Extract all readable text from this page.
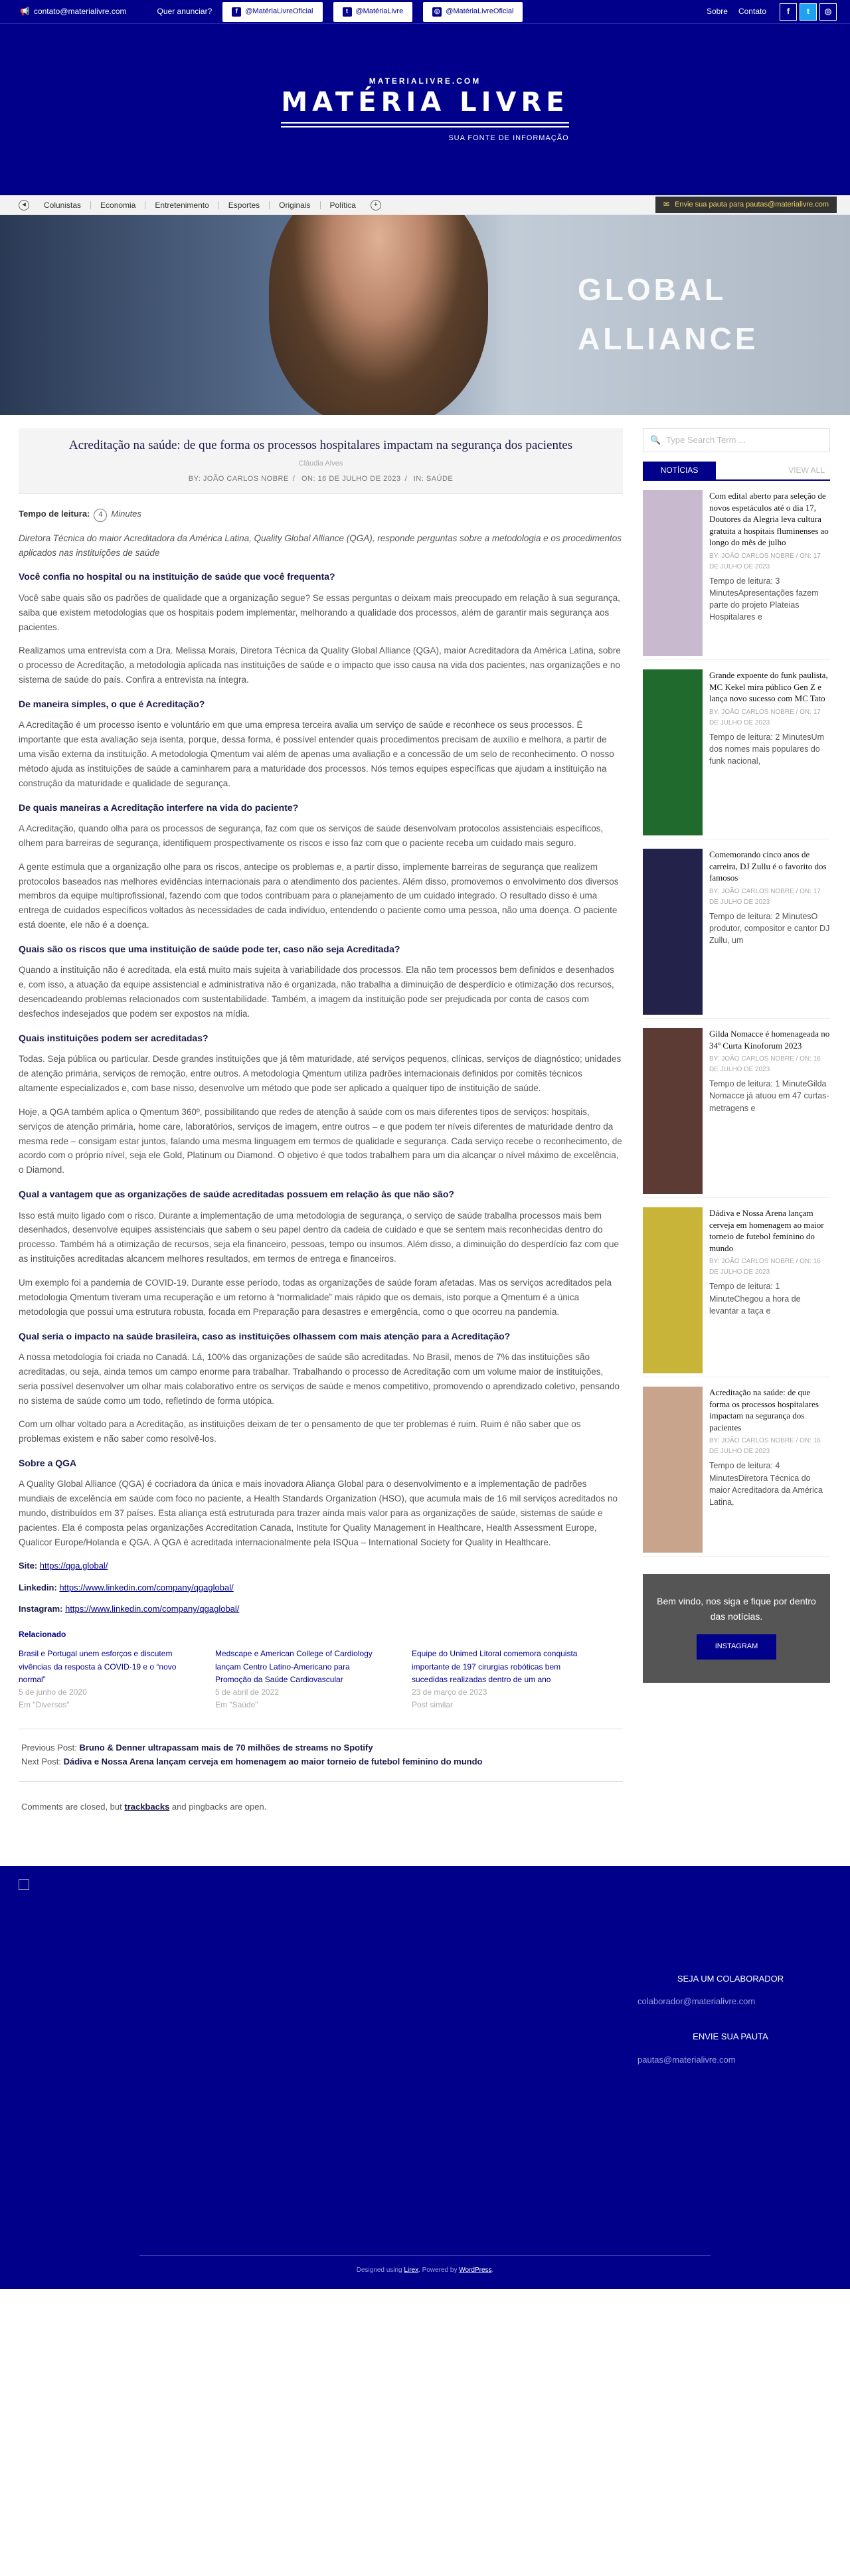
📢 contato@materialivre.com	Quer anunciar?	f	@MatériaLivreOficial	t	@MatériaLivre	◎ @MatériaLivreOficial	Sobre Contato	f t ◎
MATERIALIVRE.COM
MATÉRIA LIVRE
SUA FONTE DE INFORMAÇÃO
◂	Colunistas	Economia	Entretenimento	Esportes	Originais	Política	+	✉ Envie sua pauta para pautas@materialivre.com
GLOBAL ALLIANCE
Acreditação na saúde: de que forma os processos hospitalares impactam na segurança dos pacientes
Cláudia Alves
BY: JOÃO CARLOS NOBRE / ON: 16 DE JULHO DE 2023 / IN: SAÚDE
Tempo de leitura: 4 Minutes

Diretora Técnica do maior Acreditadora da América Latina, Quality Global Alliance (QGA), responde perguntas sobre a metodologia e os procedimentos aplicados nas instituições de saúde

Você confia no hospital ou na instituição de saúde que você frequenta?

Você sabe quais são os padrões de qualidade que a organização segue? Se essas perguntas o deixam mais preocupado em relação à sua segurança, saiba que existem metodologias que os hospitais podem implementar, melhorando a qualidade dos processos, além de garantir mais segurança aos pacientes.

Realizamos uma entrevista com a Dra. Melissa Morais, Diretora Técnica da Quality Global Alliance (QGA), maior Acreditadora da América Latina, sobre o processo de Acreditação, a metodologia aplicada nas instituições de saúde e o impacto que isso causa na vida dos pacientes, nas organizações e no sistema de saúde do país. Confira a entrevista na íntegra.

De maneira simples, o que é Acreditação?

A Acreditação é um processo isento e voluntário em que uma empresa terceira avalia um serviço de saúde e reconhece os seus processos. É importante que esta avaliação seja isenta, porque, dessa forma, é possível entender quais procedimentos precisam de auxílio e melhora, a partir de uma visão externa da instituição. A metodologia Qmentum vai além de apenas uma avaliação e a concessão de um selo de reconhecimento. O nosso método ajuda as instituições de saúde a caminharem para a maturidade dos processos. Nós temos equipes específicas que ajudam a instituição na construção da maturidade e qualidade de segurança.

De quais maneiras a Acreditação interfere na vida do paciente?

A Acreditação, quando olha para os processos de segurança, faz com que os serviços de saúde desenvolvam protocolos assistenciais específicos, olhem para barreiras de segurança, identifiquem prospectivamente os riscos e isso faz com que o paciente receba um cuidado mais seguro.

A gente estimula que a organização olhe para os riscos, antecipe os problemas e, a partir disso, implemente barreiras de segurança que realizem protocolos baseados nas melhores evidências internacionais para o atendimento dos pacientes. Além disso, promovemos o envolvimento dos diversos membros da equipe multiprofissional, fazendo com que todos contribuam para o planejamento de um cuidado integrado. O resultado disso é uma entrega de cuidados específicos voltados às necessidades de cada indivíduo, entendendo o paciente como uma pessoa, não uma doença. O paciente está doente, ele não é a doença.

Quais são os riscos que uma instituição de saúde pode ter, caso não seja Acreditada?

Quando a instituição não é acreditada, ela está muito mais sujeita à variabilidade dos processos. Ela não tem processos bem definidos e desenhados e, com isso, a atuação da equipe assistencial e administrativa não é organizada, não trabalha a diminuição de desperdício e otimização dos recursos, desencadeando problemas relacionados com sustentabilidade. Também, a imagem da instituição pode ser prejudicada por conta de casos com desfechos indesejados que podem ser expostos na mídia.

Quais instituições podem ser acreditadas?

Todas. Seja pública ou particular. Desde grandes instituições que já têm maturidade, até serviços pequenos, clínicas, serviços de diagnóstico; unidades de atenção primária, serviços de remoção, entre outros. A metodologia Qmentum utiliza padrões internacionais definidos por comitês técnicos altamente especializados e, com base nisso, desenvolve um método que pode ser aplicado a qualquer tipo de instituição de saúde.

Hoje, a QGA também aplica o Qmentum 360º, possibilitando que redes de atenção à saúde com os mais diferentes tipos de serviços: hospitais, serviços de atenção primária, home care, laboratórios, serviços de imagem, entre outros – e que podem ter níveis diferentes de maturidade dentro da mesma rede – consigam estar juntos, falando uma mesma linguagem em termos de qualidade e segurança. Cada serviço recebe o reconhecimento, de acordo com o próprio nível, seja ele Gold, Platinum ou Diamond. O objetivo é que todos trabalhem para um dia alcançar o nível máximo de excelência, o Diamond.

Qual a vantagem que as organizações de saúde acreditadas possuem em relação às que não são?

Isso está muito ligado com o risco. Durante a implementação de uma metodologia de segurança, o serviço de saúde trabalha processos mais bem desenhados, desenvolve equipes assistenciais que sabem o seu papel dentro da cadeia de cuidado e que se sentem mais reconhecidas dentro do processo. Também há a otimização de recursos, seja ela financeiro, pessoas, tempo ou insumos. Além disso, a diminuição do desperdício faz com que as instituições acreditadas alcancem melhores resultados, em termos de entrega e financeiros.

Um exemplo foi a pandemia de COVID-19. Durante esse período, todas as organizações de saúde foram afetadas. Mas os serviços acreditados pela metodologia Qmentum tiveram uma recuperação e um retorno à “normalidade” mais rápido que os demais, isto porque a Qmentum é a única metodologia que possui uma estrutura robusta, focada em Preparação para desastres e emergência, como o que ocorreu na pandemia.

Qual seria o impacto na saúde brasileira, caso as instituições olhassem com mais atenção para a Acreditação?

A nossa metodologia foi criada no Canadá. Lá, 100% das organizações de saúde são acreditadas. No Brasil, menos de 7% das instituições são acreditadas, ou seja, ainda temos um campo enorme para trabalhar. Trabalhando o processo de Acreditação com um volume maior de instituições, seria possível desenvolver um olhar mais colaborativo entre os serviços de saúde e menos competitivo, promovendo o aprendizado coletivo, pensando no sistema de saúde como um todo, refletindo de forma utópica.

Com um olhar voltado para a Acreditação, as instituições deixam de ter o pensamento de que ter problemas é ruim. Ruim é não saber que os problemas existem e não saber como resolvê-los.

Sobre a QGA

A Quality Global Alliance (QGA) é cocriadora da única e mais inovadora Aliança Global para o desenvolvimento e a implementação de padrões mundiais de excelência em saúde com foco no paciente, a Health Standards Organization (HSO), que acumula mais de 16 mil serviços acreditados no mundo, distribuídos em 37 países. Esta aliança está estruturada para trazer ainda mais valor para as organizações de saúde, sistemas de saúde e pacientes. Ela é composta pelas organizações Accreditation Canada, Institute for Quality Management in Healthcare, Health Assessment Europe, Qualicor Europe/Holanda e QGA. A QGA é acreditada internacionalmente pela ISQua – International Society for Quality in Healthcare.

Site: https://qga.global/
Linkedin: https://www.linkedin.com/company/qgaglobal/
Instagram: https://www.linkedin.com/company/qgaglobal/
Relacionado
Brasil e Portugal unem esforços e discutem vivências da resposta à COVID-19 e o “novo normal”
5 de junho de 2020
Em "Diversos"
Medscape e American College of Cardiology lançam Centro Latino-Americano para Promoção da Saúde Cardiovascular
5 de abril de 2022
Em "Saúde"
Equipe do Unimed Litoral comemora conquista importante de 197 cirurgias robóticas bem sucedidas realizadas dentro de um ano
23 de março de 2023
Post similar
Previous Post: Bruno & Denner ultrapassam mais de 70 milhões de streams no Spotify
Next Post: Dádiva e Nossa Arena lançam cerveja em homenagem ao maior torneio de futebol feminino do mundo
Comments are closed, but trackbacks and pingbacks are open.
🔍 Type Search Term ...
NOTÍCIAS	VIEW ALL
Com edital aberto para seleção de novos espetáculos até o dia 17, Doutores da Alegria leva cultura gratuita a hospitais fluminenses ao longo do mês de julho
BY: JOÃO CARLOS NOBRE / ON: 17 DE JULHO DE 2023
Tempo de leitura: 3 MinutesApresentações fazem parte do projeto Plateias Hospitalares e
Grande expoente do funk paulista, MC Kekel mira público Gen Z e lança novo sucesso com MC Tato
BY: JOÃO CARLOS NOBRE / ON: 17 DE JULHO DE 2023
Tempo de leitura: 2 MinutesUm dos nomes mais populares do funk nacional,
Comemorando cinco anos de carreira, DJ Zullu é o favorito dos famosos
BY: JOÃO CARLOS NOBRE / ON: 17 DE JULHO DE 2023
Tempo de leitura: 2 MinutesO produtor, compositor e cantor DJ Zullu, um
Gilda Nomacce é homenageada no 34º Curta Kinoforum 2023
BY: JOÃO CARLOS NOBRE / ON: 16 DE JULHO DE 2023
Tempo de leitura: 1 MinuteGilda Nomacce já atuou em 47 curtas-metragens e
Dádiva e Nossa Arena lançam cerveja em homenagem ao maior torneio de futebol feminino do mundo
BY: JOÃO CARLOS NOBRE / ON: 16 DE JULHO DE 2023
Tempo de leitura: 1 MinuteChegou a hora de levantar a taça e
Acreditação na saúde: de que forma os processos hospitalares impactam na segurança dos pacientes
BY: JOÃO CARLOS NOBRE / ON: 16 DE JULHO DE 2023
Tempo de leitura: 4 MinutesDiretora Técnica do maior Acreditadora da América Latina,
Bem vindo, nos siga e fique por dentro das notícias.
INSTAGRAM
SEJA UM COLABORADOR
colaborador@materialivre.com
ENVIE SUA PAUTA
pautas@materialivre.com
Designed using Lirex. Powered by WordPress.
